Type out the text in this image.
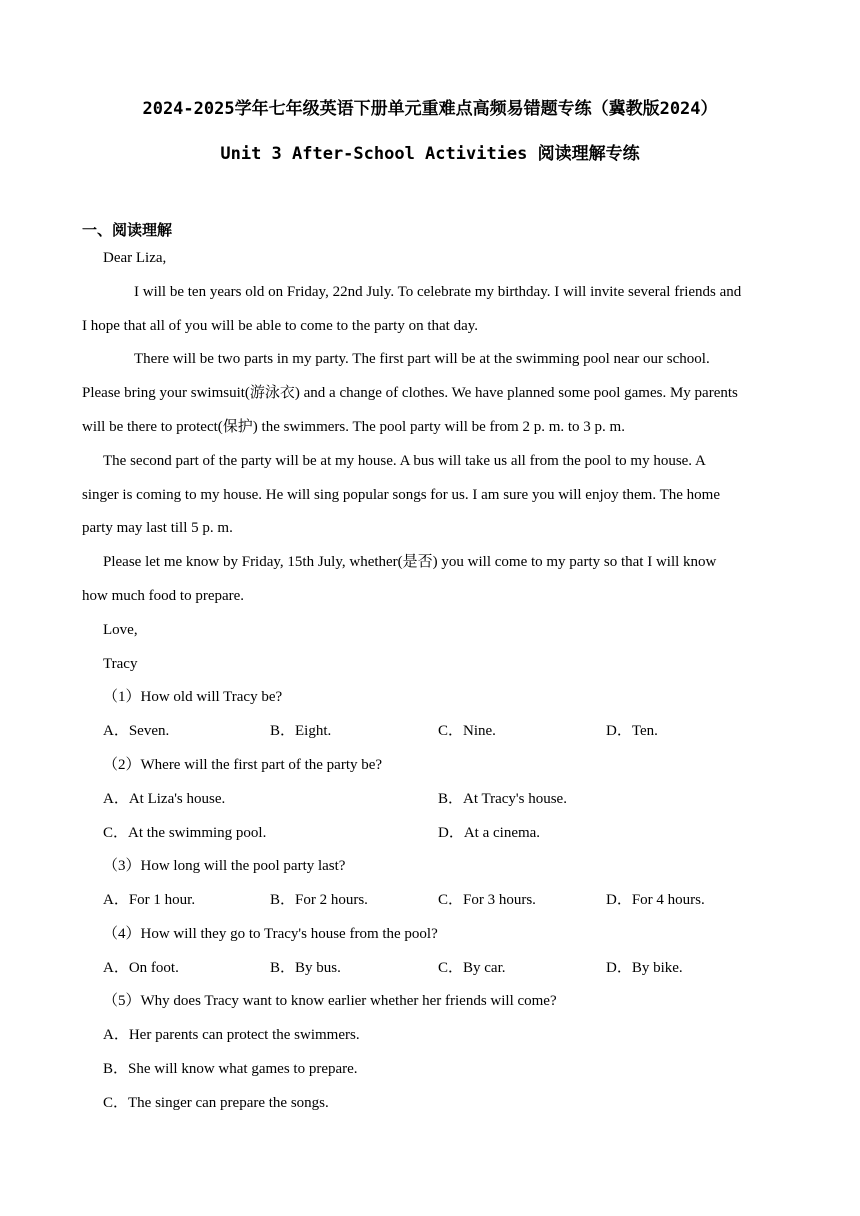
2024-2025学年七年级英语下册单元重难点高频易错题专练（冀教版2024）
Unit 3 After-School Activities 阅读理解专练
一、阅读理解
Dear Liza,
I will be ten years old on Friday, 22nd July. To celebrate my birthday. I will invite several friends and
I hope that all of you will be able to come to the party on that day.
There will be two parts in my party. The first part will be at the swimming pool near our school.
Please bring your swimsuit(游泳衣) and a change of clothes. We have planned some pool games. My parents
will be there to protect(保护) the swimmers. The pool party will be from 2 p. m. to 3 p. m.
The second part of the party will be at my house. A bus will take us all from the pool to my house. A
singer is coming to my house. He will sing popular songs for us. I am sure you will enjoy them. The home
party may last till 5 p. m.
Please let me know by Friday, 15th July, whether(是否) you will come to my party so that I will know
how much food to prepare.
Love,
Tracy
（1）How old will Tracy be?
A．Seven.	B．Eight.	C．Nine.	D．Ten.
（2）Where will the first part of the party be?
A．At Liza's house.	B．At Tracy's house.
C．At the swimming pool.	D．At a cinema.
（3）How long will the pool party last?
A．For 1 hour.	B．For 2 hours.	C．For 3 hours.	D．For 4 hours.
（4）How will they go to Tracy's house from the pool?
A．On foot.	B．By bus.	C．By car.	D．By bike.
（5）Why does Tracy want to know earlier whether her friends will come?
A．Her parents can protect the swimmers.
B．She will know what games to prepare.
C．The singer can prepare the songs.
